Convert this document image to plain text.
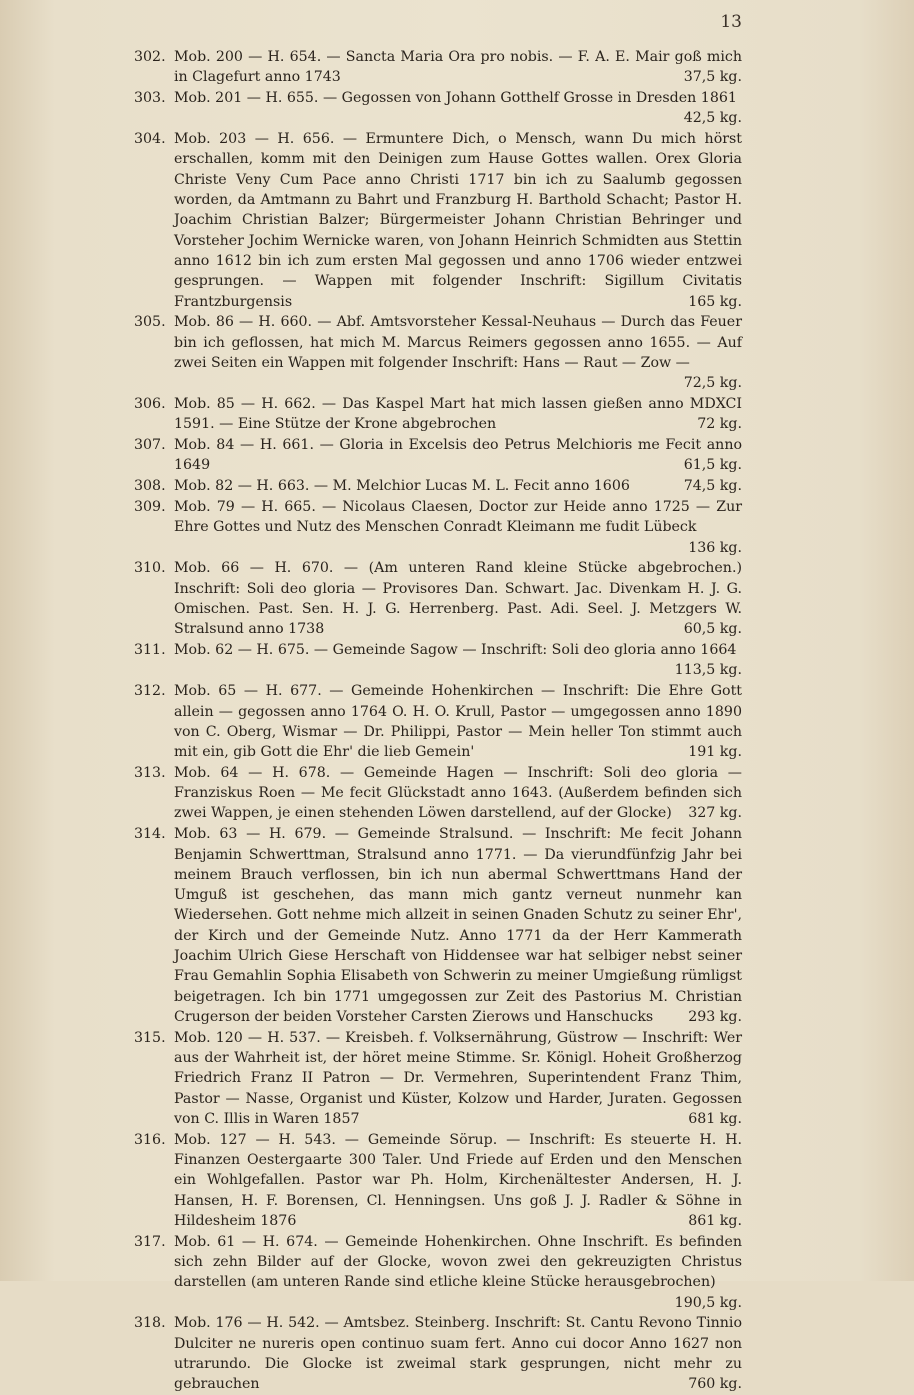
13
302. Mob. 200 — H. 654. — Sancta Maria Ora pro nobis. — F. A. E. Mair goß mich in Clagefurt anno 1743	37,5 kg.
303. Mob. 201 — H. 655. — Gegossen von Johann Gotthelf Grosse in Dresden 1861
42,5 kg.
304. Mob. 203 — H. 656. — Ermuntere Dich, o Mensch, wann Du mich hörst erschallen, komm mit den Deinigen zum Hause Gottes wallen. Orex Gloria Christe Veny Cum Pace anno Christi 1717 bin ich zu Saalumb gegossen worden, da Amtmann zu Bahrt und Franzburg H. Barthold Schacht; Pastor H. Joachim Christian Balzer; Bürgermeister Johann Christian Behringer und Vorsteher Jochim Wernicke waren, von Johann Heinrich Schmidten aus Stettin anno 1612 bin ich zum ersten Mal gegossen und anno 1706 wieder entzwei gesprungen. — Wappen mit folgender Inschrift: Sigillum Civitatis Frantzburgensis	165 kg.
305. Mob. 86 — H. 660. — Abf. Amtsvorsteher Kessal-Neuhaus — Durch das Feuer bin ich geflossen, hat mich M. Marcus Reimers gegossen anno 1655. — Auf zwei Seiten ein Wappen mit folgender Inschrift: Hans — Raut — Zow —
72,5 kg.
306. Mob. 85 — H. 662. — Das Kaspel Mart hat mich lassen gießen anno MDXCI 1591. — Eine Stütze der Krone abgebrochen	72 kg.
307. Mob. 84 — H. 661. — Gloria in Excelsis deo Petrus Melchioris me Fecit anno 1649	61,5 kg.
308. Mob. 82 — H. 663. — M. Melchior Lucas M. L. Fecit anno 1606	74,5 kg.
309. Mob. 79 — H. 665. — Nicolaus Claesen, Doctor zur Heide anno 1725 — Zur Ehre Gottes und Nutz des Menschen Conradt Kleimann me fudit Lübeck
136 kg.
310. Mob. 66 — H. 670. — (Am unteren Rand kleine Stücke abgebrochen.) Inschrift: Soli deo gloria — Provisores Dan. Schwart. Jac. Divenkam H. J. G. Omischen. Past. Sen. H. J. G. Herrenberg. Past. Adi. Seel. J. Metzgers W. Stralsund anno 1738	60,5 kg.
311. Mob. 62 — H. 675. — Gemeinde Sagow — Inschrift: Soli deo gloria anno 1664
113,5 kg.
312. Mob. 65 — H. 677. — Gemeinde Hohenkirchen — Inschrift: Die Ehre Gott allein — gegossen anno 1764 O. H. O. Krull, Pastor — umgegossen anno 1890 von C. Oberg, Wismar — Dr. Philippi, Pastor — Mein heller Ton stimmt auch mit ein, gib Gott die Ehr' die lieb Gemein'	191 kg.
313. Mob. 64 — H. 678. — Gemeinde Hagen — Inschrift: Soli deo gloria — Franziskus Roen — Me fecit Glückstadt anno 1643. (Außerdem befinden sich zwei Wappen, je einen stehenden Löwen darstellend, auf der Glocke)	327 kg.
314. Mob. 63 — H. 679. — Gemeinde Stralsund. — Inschrift: Me fecit Johann Benjamin Schwerttman, Stralsund anno 1771. — Da vierundfünfzig Jahr bei meinem Brauch verflossen, bin ich nun abermal Schwerttmans Hand der Umguß ist geschehen, das mann mich gantz verneut nunmehr kan Wiedersehen. Gott nehme mich allzeit in seinen Gnaden Schutz zu seiner Ehr', der Kirch und der Gemeinde Nutz. Anno 1771 da der Herr Kammerath Joachim Ulrich Giese Herschaft von Hiddensee war hat selbiger nebst seiner Frau Gemahlin Sophia Elisabeth von Schwerin zu meiner Umgießung rümligst beigetragen. Ich bin 1771 umgegossen zur Zeit des Pastorius M. Christian Crugerson der beiden Vorsteher Carsten Zierows und Hanschucks	293 kg.
315. Mob. 120 — H. 537. — Kreisbeh. f. Volksernährung, Güstrow — Inschrift: Wer aus der Wahrheit ist, der höret meine Stimme. Sr. Königl. Hoheit Großherzog Friedrich Franz II Patron — Dr. Vermehren, Superintendent Franz Thim, Pastor — Nasse, Organist und Küster, Kolzow und Harder, Juraten. Gegossen von C. Illis in Waren 1857	681 kg.
316. Mob. 127 — H. 543. — Gemeinde Sörup. — Inschrift: Es steuerte H. H. Finanzen Oestergaarte 300 Taler. Und Friede auf Erden und den Menschen ein Wohlgefallen. Pastor war Ph. Holm, Kirchenältester Andersen, H. J. Hansen, H. F. Borensen, Cl. Henningsen. Uns goß J. J. Radler & Söhne in Hildesheim 1876	861 kg.
317. Mob. 61 — H. 674. — Gemeinde Hohenkirchen. Ohne Inschrift. Es befinden sich zehn Bilder auf der Glocke, wovon zwei den gekreuzigten Christus darstellen (am unteren Rande sind etliche kleine Stücke herausgebrochen)
190,5 kg.
318. Mob. 176 — H. 542. — Amtsbez. Steinberg. Inschrift: St. Cantu Revono Tinnio Dulciter ne nureris open continuo suam fert. Anno cui docor Anno 1627 non utrarundo. Die Glocke ist zweimal stark gesprungen, nicht mehr zu gebrauchen	760 kg.
